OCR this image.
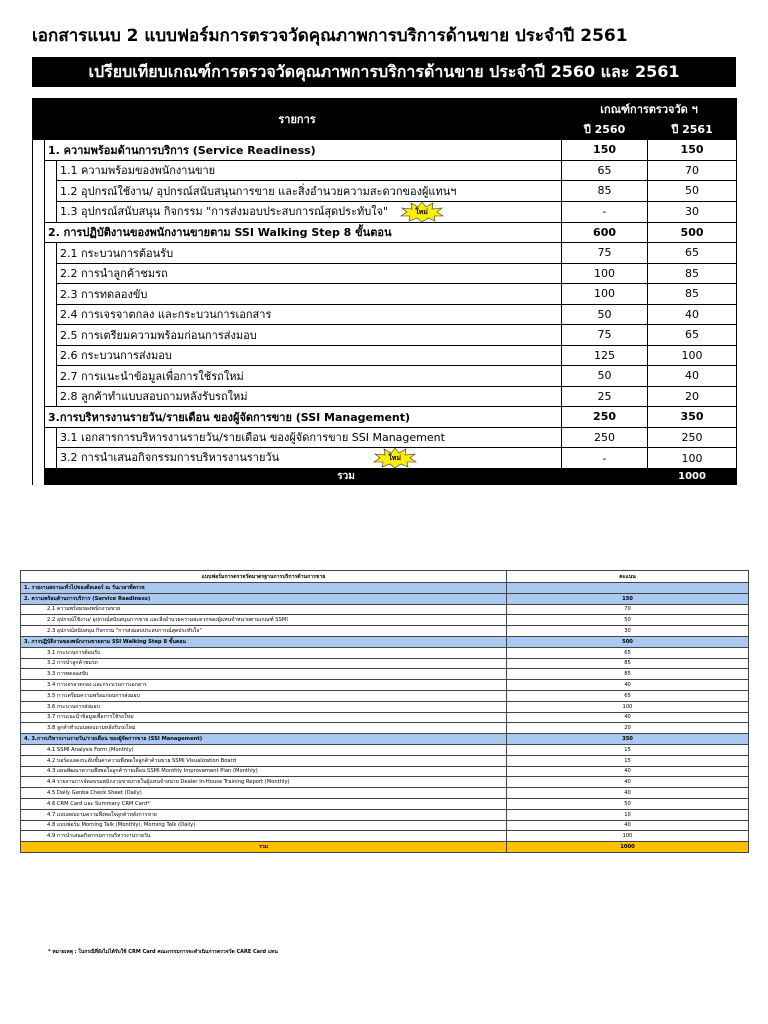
เอกสารแนบ 2 แบบฟอร์มการตรวจวัดคุณภาพการบริการด้านขาย ประจำปี 2561
เปรียบเทียบเกณฑ์การตรวจวัดคุณภาพการบริการด้านขาย ประจำปี 2560 และ 2561
รายการ			เกณฑ์การตรวจวัด ฯ		
			ปี 2560	ปี 2561	
	1. ความพร้อมด้านการบริการ (Service Readiness)		150	150	
		1.1 ความพร้อมของพนักงานขาย	65	70	
		1.2 อุปกรณ์ใช้งาน/ อุปกรณ์สนับสนุนการขาย และสิ่งอำนวยความสะดวกของผู้แทนฯ	85	50	
		1.3 อุปกรณ์สนับสนุน กิจกรรม "การส่งมอบประสบการณ์สุดประทับใจ" ใหม่	-	30	
	2. การปฏิบัติงานของพนักงานขายตาม SSI Walking Step 8 ขั้นตอน		600	500	
		2.1 กระบวนการต้อนรับ	75	65	
		2.2 การนำลูกค้าชมรถ	100	85	
		2.3 การทดลองขับ	100	85	
		2.4 การเจรจาตกลง และกระบวนการเอกสาร	50	40	
		2.5 การเตรียมความพร้อมก่อนการส่งมอบ	75	65	
		2.6 กระบวนการส่งมอบ	125	100	
		2.7 การแนะนำข้อมูลเพื่อการใช้รถใหม่	50	40	
		2.8 ลูกค้าทำแบบสอบถามหลังรับรถใหม่	25	20	
	3.การบริหารงานรายวัน/รายเดือน ของผู้จัดการขาย (SSI Management)		250	350	
		3.1 เอกสารการบริหารงานรายวัน/รายเดือน ของผู้จัดการขาย SSI Management	250	250	
		3.2 การนำเสนอกิจกรรมการบริหารงานรายวัน ใหม่	-	100	
	รวม			1000	
แบบฟอร์มการตรวจวัดมาตรฐานการบริการด้านการขาย	คะแนน
1. รายงานสถานะทั่วไปของดีลเลอร์ ณ วันเวลาที่ตรวจ	
2. ความพร้อมด้านการบริการ (Service Readiness)	150
2.1 ความพร้อมของพนักงานขาย	70
2.2 อุปกรณ์ใช้งาน/ อุปกรณ์สนับสนุนการขาย และสิ่งอำนวยความสะดวกของผู้แทนจำหน่ายตามเกณฑ์ SSMI	50
2.3 อุปกรณ์สนับสนุน กิจกรรม "การส่งมอบประสบการณ์สุดประทับใจ"	30
3. การปฏิบัติงานของพนักงานขายตาม SSI Walking Step 8 ขั้นตอน	500
3.1 กระบวนการต้อนรับ	65
3.2 การนำลูกค้าชมรถ	85
3.3 การทดลองขับ	85
3.4 การเจรจาตกลง และกระบวนการเอกสาร	40
3.5 การเตรียมความพร้อมก่อนการส่งมอบ	65
3.6 กระบวนการส่งมอบ	100
3.7 การแนะนำข้อมูลเพื่อการใช้รถใหม่	40
3.8 ลูกค้าทำแบบสอบถามหลังรับรถใหม่	20
4. 3.การบริหารงานรายวัน/รายเดือน ของผู้จัดการขาย (SSI Management)	350
4.1 SSMI Analysis Form (Monthly)	15
4.2 บอร์ดแสดงระดับชั้นค่าความพึงพอใจลูกค้าด้านขาย SSMI Visualization Board	15
4.3 แผนพัฒนาความพึงพอใจลูกค้ารายเดือน SSMI Monthly Improvement Plan (Monthly)	40
4.4 รายงานการจัดอบรมพนักงานขายภายในผู้แทนจำหน่าย Dealer In-House Training Report (Monthly)	40
4.5 Daily Genba Check Sheet (Daily)	40
4.6 CRM Card และ Summary CRM Card*	50
4.7 แบบสอบถามความพึงพอใจลูกค้าหลังการขาย	10
4.8 แบบฟอร์ม Morning Talk (Monthly), Morning Talk (Daily)	40
4.9 การนำเสนอกิจกรรมการบริหารงานรายวัน	100
รวม	1000
* หมายเหตุ : ในกรณีที่ยังไม่ได้รับใช้ CRM Card คณะกรรมการจะดำเนินการตรวจวัด CARE Card แทน
